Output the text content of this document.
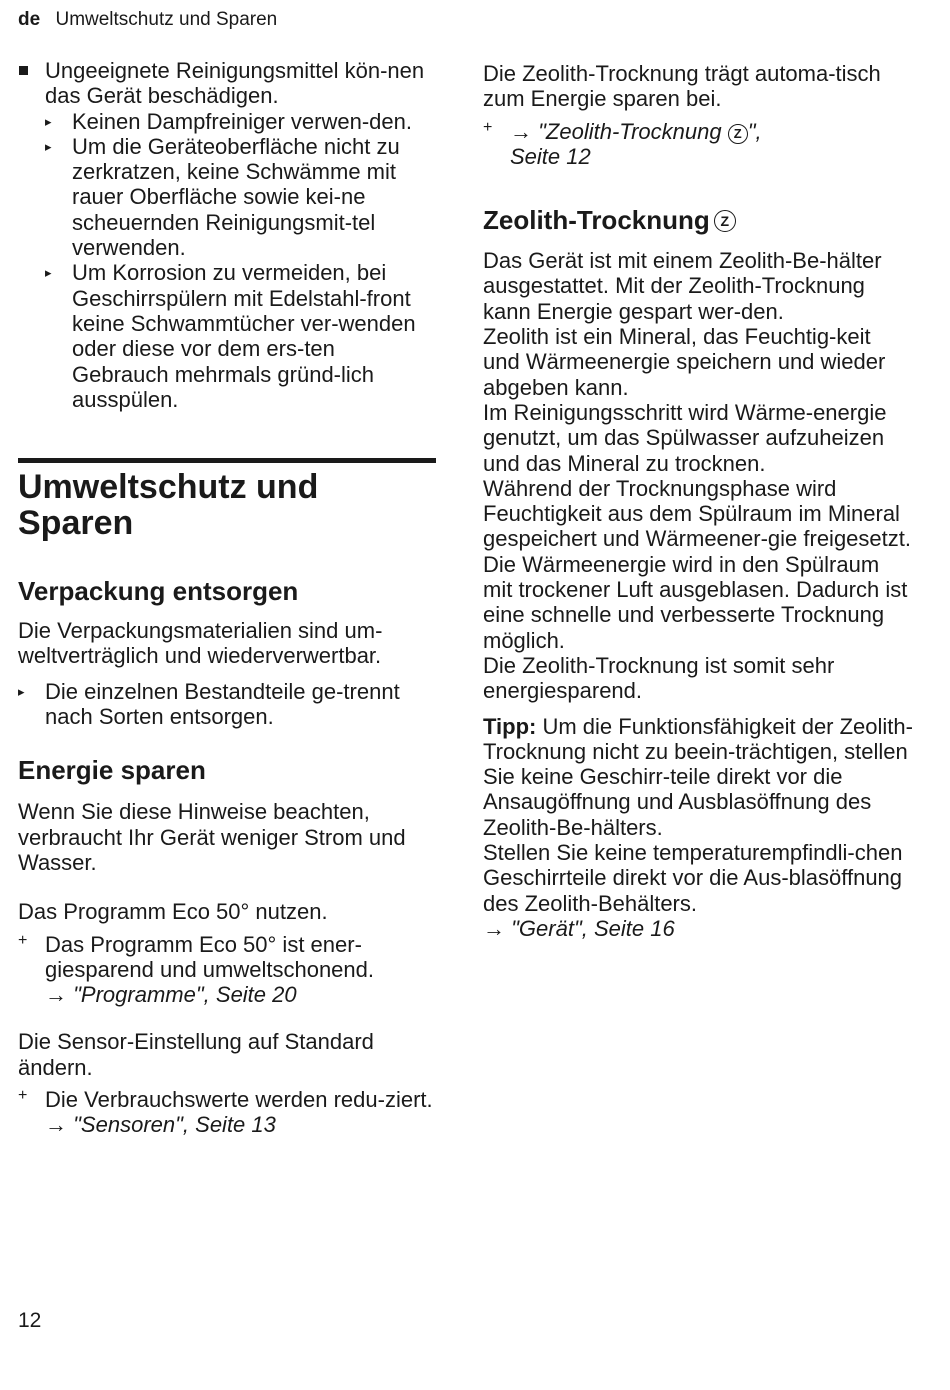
de Umweltschutz und Sparen
Ungeeignete Reinigungsmittel kön-nen das Gerät beschädigen.
▸ Keinen Dampfreiniger verwen-den.
▸ Um die Geräteoberfläche nicht zu zerkratzen, keine Schwämme mit rauer Oberfläche sowie kei-ne scheuernden Reinigungsmit-tel verwenden.
▸ Um Korrosion zu vermeiden, bei Geschirrspülern mit Edelstahl-front keine Schwammtücher ver-wenden oder diese vor dem ers-ten Gebrauch mehrmals gründ-lich ausspülen.
Umweltschutz und
Sparen
Verpackung entsorgen

Die Verpackungsmaterialien sind um-weltverträglich und wiederverwertbar.

▸ Die einzelnen Bestandteile ge-trennt nach Sorten entsorgen.
Energie sparen

Wenn Sie diese Hinweise beachten, verbraucht Ihr Gerät weniger Strom und Wasser.

Das Programm Eco 50° nutzen.

+ Das Programm Eco 50° ist ener-giesparend und umweltschonend.
→ "Programme", Seite 20

Die Sensor-Einstellung auf Standard ändern.

+ Die Verbrauchswerte werden redu-ziert.
→ "Sensoren", Seite 13

Die Zeolith-Trocknung trägt automa-tisch zum Energie sparen bei.

+ → "Zeolith-Trocknung Z ",
Seite 12
Zeolith-Trocknung Z

Das Gerät ist mit einem Zeolith-Be-hälter ausgestattet. Mit der Zeolith-Trocknung kann Energie gespart wer-den.

Zeolith ist ein Mineral, das Feuchtig-keit und Wärmeenergie speichern und wieder abgeben kann.

Im Reinigungsschritt wird Wärme-energie genutzt, um das Spülwasser aufzuheizen und das Mineral zu trocknen.

Während der Trocknungsphase wird Feuchtigkeit aus dem Spülraum im Mineral gespeichert und Wärmeener-gie freigesetzt. Die Wärmeenergie wird in den Spülraum mit trockener Luft ausgeblasen. Dadurch ist eine schnelle und verbesserte Trocknung möglich.

Die Zeolith-Trocknung ist somit sehr energiesparend.

Tipp: Um die Funktionsfähigkeit der Zeolith-Trocknung nicht zu beein-trächtigen, stellen Sie keine Geschirr-teile direkt vor die Ansaugöffnung und Ausblasöffnung des Zeolith-Be-hälters.

Stellen Sie keine temperaturempfindli-chen Geschirrteile direkt vor die Aus-blasöffnung des Zeolith-Behälters.

→ "Gerät", Seite 16

12
